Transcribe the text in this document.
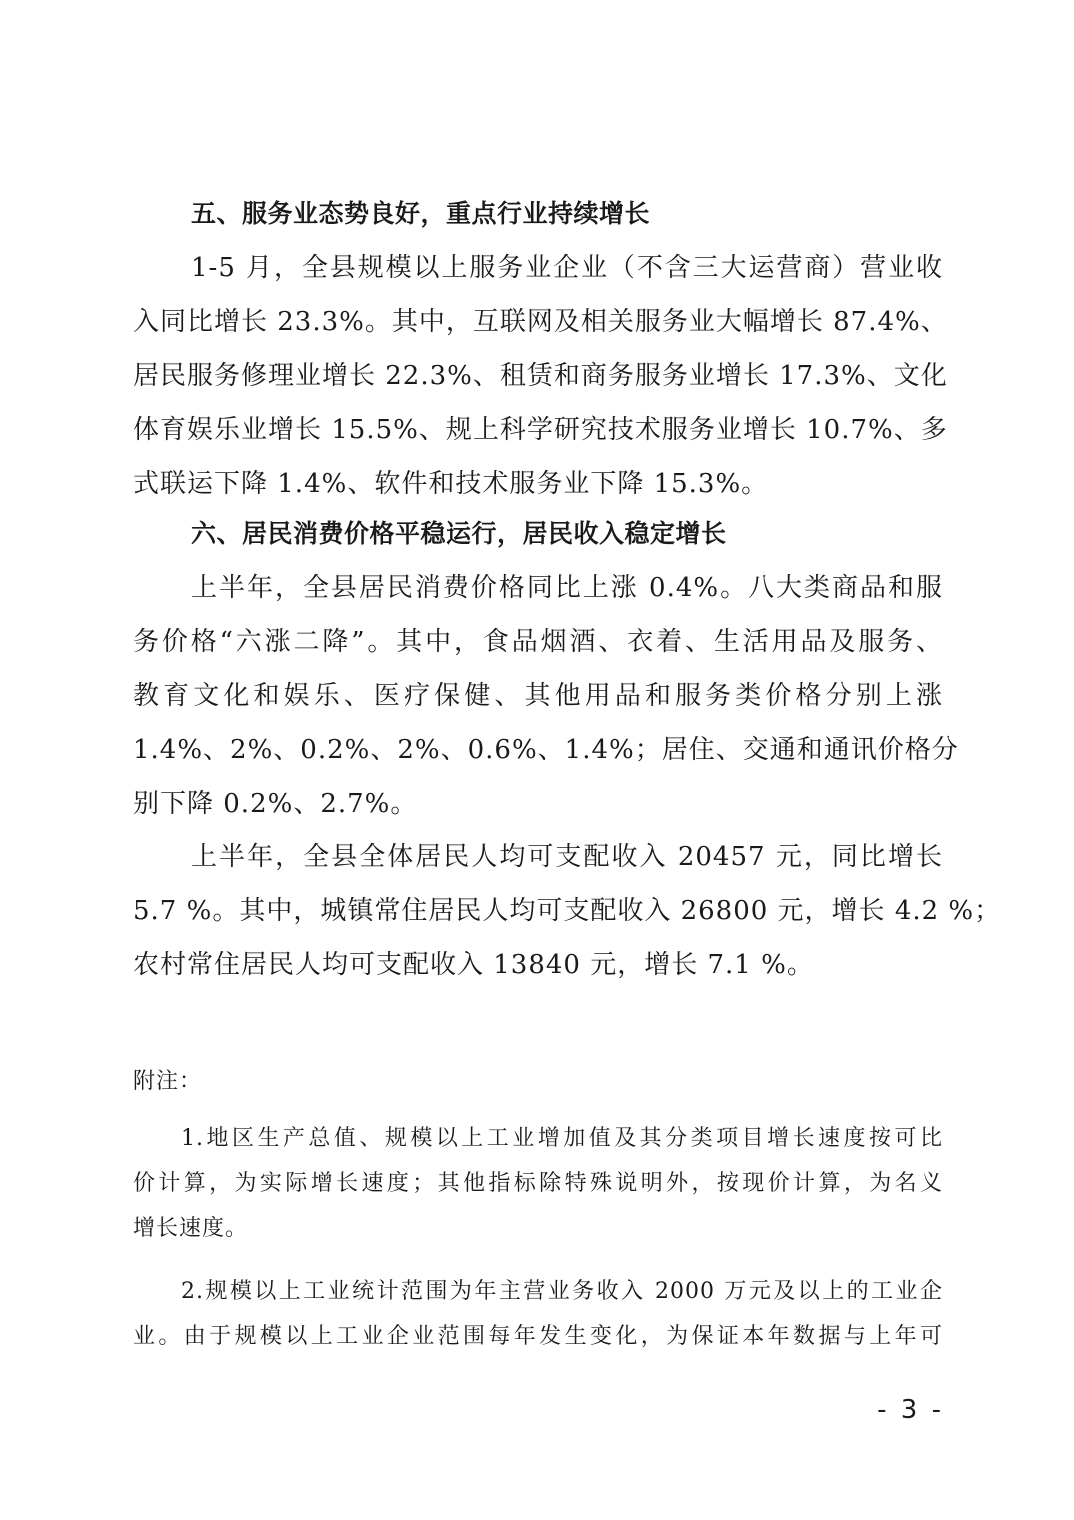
五、服务业态势良好，重点行业持续增长
1-5 月，全县规模以上服务业企业（不含三大运营商）营业收
入同比增长 23.3%。其中，互联网及相关服务业大幅增长 87.4%、
居民服务修理业增长 22.3%、租赁和商务服务业增长 17.3%、文化
体育娱乐业增长 15.5%、规上科学研究技术服务业增长 10.7%、多
式联运下降 1.4%、软件和技术服务业下降 15.3%。
六、居民消费价格平稳运行，居民收入稳定增长
上半年，全县居民消费价格同比上涨 0.4%。八大类商品和服
务价格“六涨二降”。其中，食品烟酒、衣着、生活用品及服务、
教育文化和娱乐、医疗保健、其他用品和服务类价格分别上涨
1.4%、2%、0.2%、2%、0.6%、1.4%；居住、交通和通讯价格分
别下降 0.2%、2.7%。
上半年，全县全体居民人均可支配收入 20457 元，同比增长
5.7 %。其中，城镇常住居民人均可支配收入 26800 元，增长 4.2 %；
农村常住居民人均可支配收入 13840 元，增长 7.1 %。
附注：
1.地区生产总值、规模以上工业增加值及其分类项目增长速度按可比
价计算，为实际增长速度；其他指标除特殊说明外，按现价计算，为名义
增长速度。
2.规模以上工业统计范围为年主营业务收入 2000 万元及以上的工业企
业。由于规模以上工业企业范围每年发生变化，为保证本年数据与上年可
- 3 -
